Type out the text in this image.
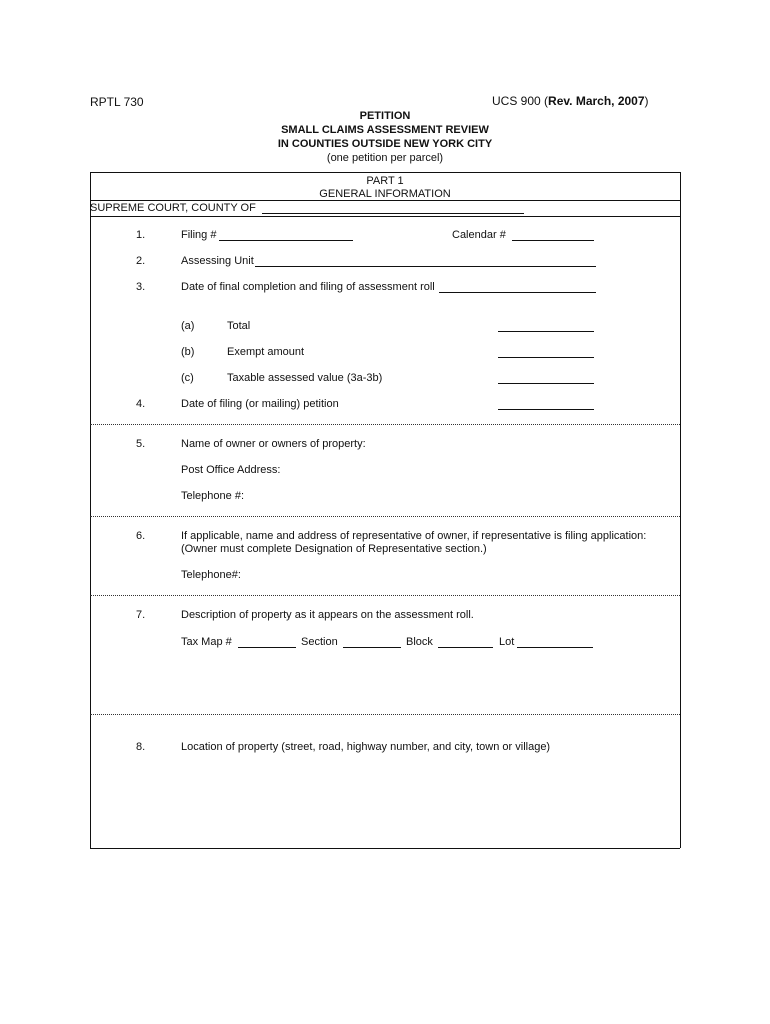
RPTL 730	UCS 900 (Rev. March, 2007)
PETITION
SMALL CLAIMS ASSESSMENT REVIEW
IN COUNTIES OUTSIDE NEW YORK CITY
(one petition per parcel)
PART 1
GENERAL INFORMATION
SUPREME COURT, COUNTY OF
1.	Filing #	Calendar #
2.	Assessing Unit
3.	Date of final completion and filing of assessment roll
(a)	Total
(b)	Exempt amount
(c)	Taxable assessed value (3a-3b)
4.	Date of filing (or mailing) petition
5.	Name of owner or owners of property:
Post Office Address:
Telephone #:
6.	If applicable, name and address of representative of owner, if representative is filing application:
(Owner must complete Designation of Representative section.)
Telephone#:
7.	Description of property as it appears on the assessment roll.
Tax Map #	Section	Block	Lot
8.	Location of property (street, road, highway number, and city, town or village)
